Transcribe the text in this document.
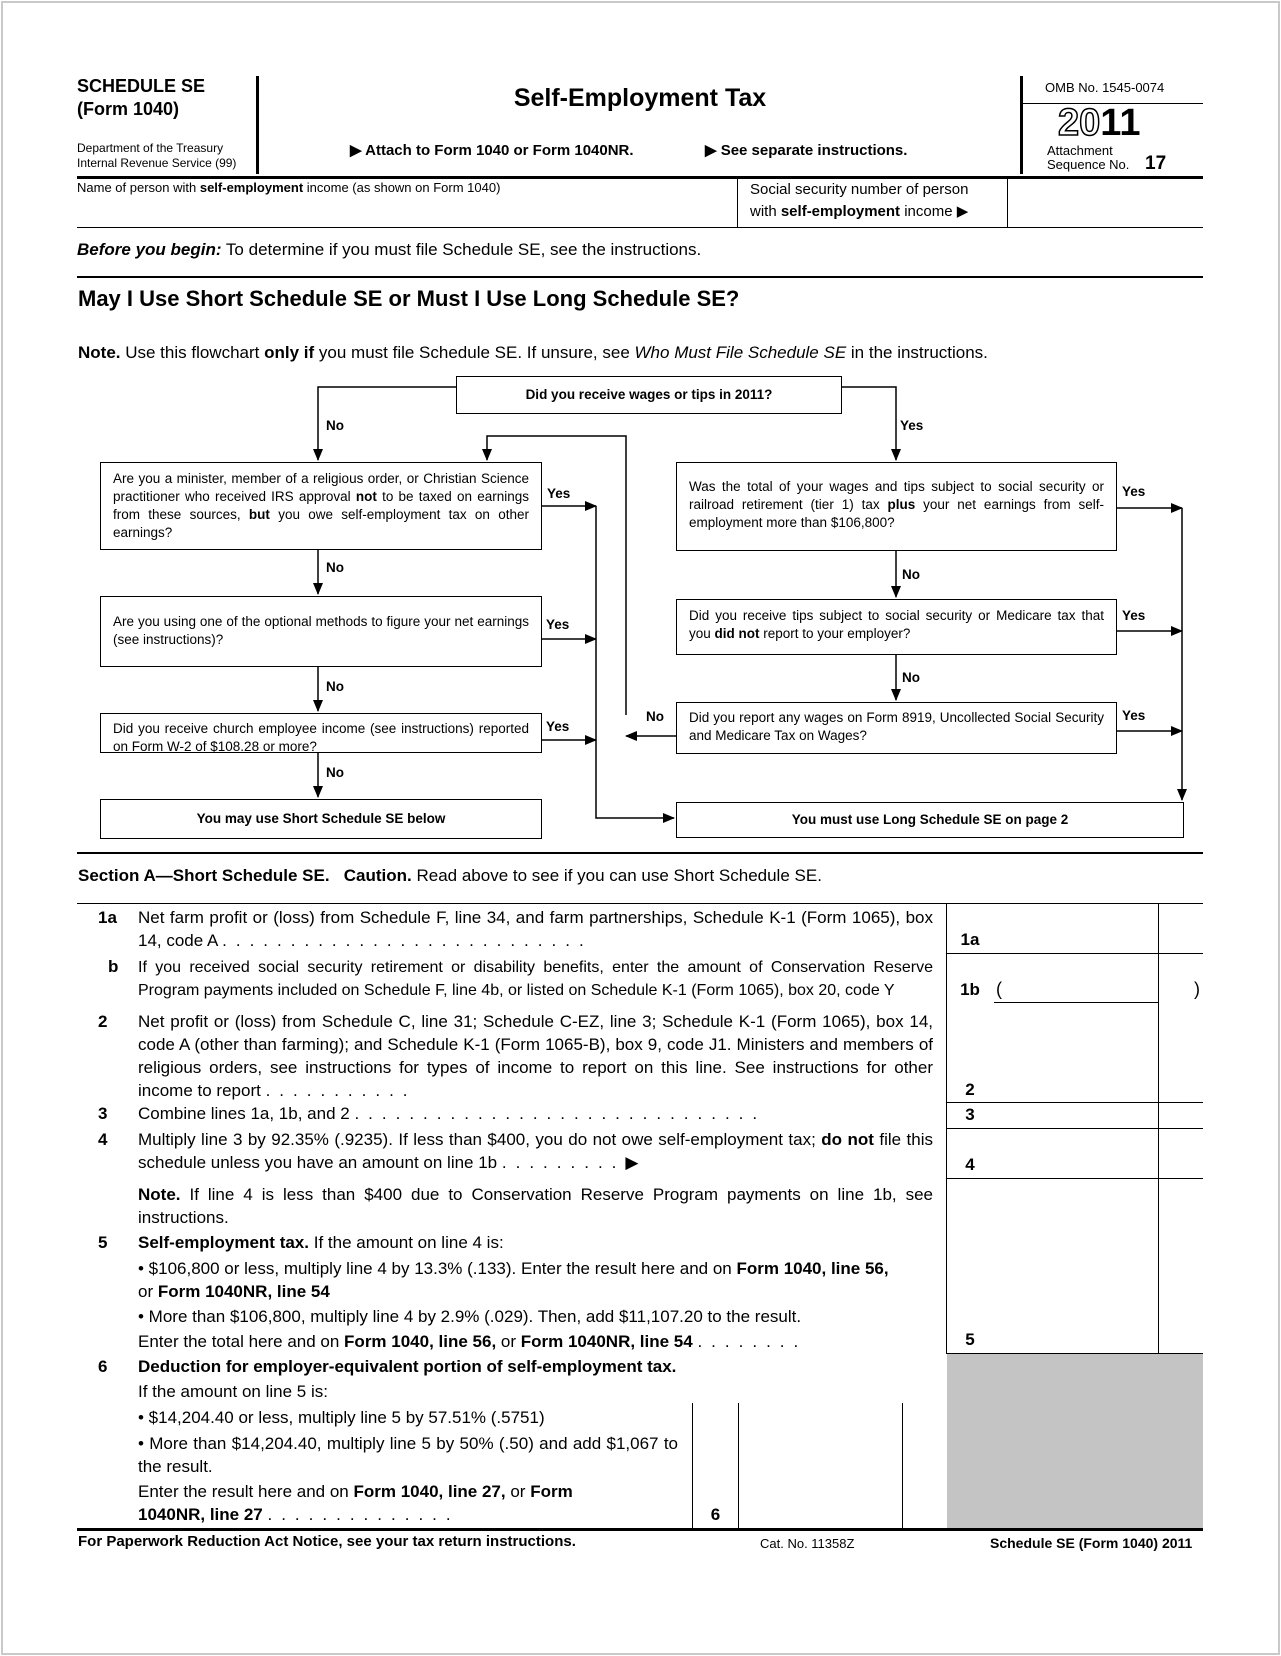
SCHEDULE SE
(Form 1040)
Department of the Treasury
Internal Revenue Service (99)
Self-Employment Tax
▶ Attach to Form 1040 or Form 1040NR.	▶ See separate instructions.
OMB No. 1545-0074
2011
Attachment
Sequence No. 17
Name of person with self-employment income (as shown on Form 1040)	Social security number of person
with self-employment income ▶
Before you begin: To determine if you must file Schedule SE, see the instructions.
May I Use Short Schedule SE or Must I Use Long Schedule SE?
Note. Use this flowchart only if you must file Schedule SE. If unsure, see Who Must File Schedule SE in the instructions.
Did you receive wages or tips in 2011?
Are you a minister, member of a religious order, or Christian Science practitioner who received IRS approval not to be taxed on earnings from these sources, but you owe self-employment tax on other earnings?
Are you using one of the optional methods to figure your net earnings (see instructions)?
Did you receive church employee income (see instructions) reported on Form W-2 of $108.28 or more?
You may use Short Schedule SE below
Was the total of your wages and tips subject to social security or railroad retirement (tier 1) tax plus your net earnings from self-employment more than $106,800?
Did you receive tips subject to social security or Medicare tax that you did not report to your employer?
Did you report any wages on Form 8919, Uncollected Social Security and Medicare Tax on Wages?
You must use Long Schedule SE on page 2
No	Yes
Yes
No
Yes
No
Yes
No
Yes
No
Yes
No
Yes
No
Section A—Short Schedule SE. Caution. Read above to see if you can use Short Schedule SE.
1a
1b
2
3
4
5
(	)
1a Net farm profit or (loss) from Schedule F, line 34, and farm partnerships, Schedule K-1 (Form 1065), box 14, code A ...........................
b If you received social security retirement or disability benefits, enter the amount of Conservation Reserve Program payments included on Schedule F, line 4b, or listed on Schedule K-1 (Form 1065), box 20, code Y
2 Net profit or (loss) from Schedule C, line 31; Schedule C-EZ, line 3; Schedule K-1 (Form 1065), box 14, code A (other than farming); and Schedule K-1 (Form 1065-B), box 9, code J1. Ministers and members of religious orders, see instructions for types of income to report on this line. See instructions for other income to report ...........
3 Combine lines 1a, 1b, and 2 ..............................
4 Multiply line 3 by 92.35% (.9235). If less than $400, you do not owe self-employment tax; do not file this schedule unless you have an amount on line 1b .........▶
Note. If line 4 is less than $400 due to Conservation Reserve Program payments on line 1b, see instructions.
5 Self-employment tax. If the amount on line 4 is:
• $106,800 or less, multiply line 4 by 13.3% (.133). Enter the result here and on Form 1040, line 56,
or Form 1040NR, line 54
• More than $106,800, multiply line 4 by 2.9% (.029). Then, add $11,107.20 to the result.
Enter the total here and on Form 1040, line 56, or Form 1040NR, line 54 ........
6 Deduction for employer-equivalent portion of self-employment tax.
If the amount on line 5 is:
• $14,204.40 or less, multiply line 5 by 57.51% (.5751)
• More than $14,204.40, multiply line 5 by 50% (.50) and add $1,067 to the result.
Enter the result here and on Form 1040, line 27, or Form
1040NR, line 27 ..............	6
For Paperwork Reduction Act Notice, see your tax return instructions.	Cat. No. 11358Z	Schedule SE (Form 1040) 2011
